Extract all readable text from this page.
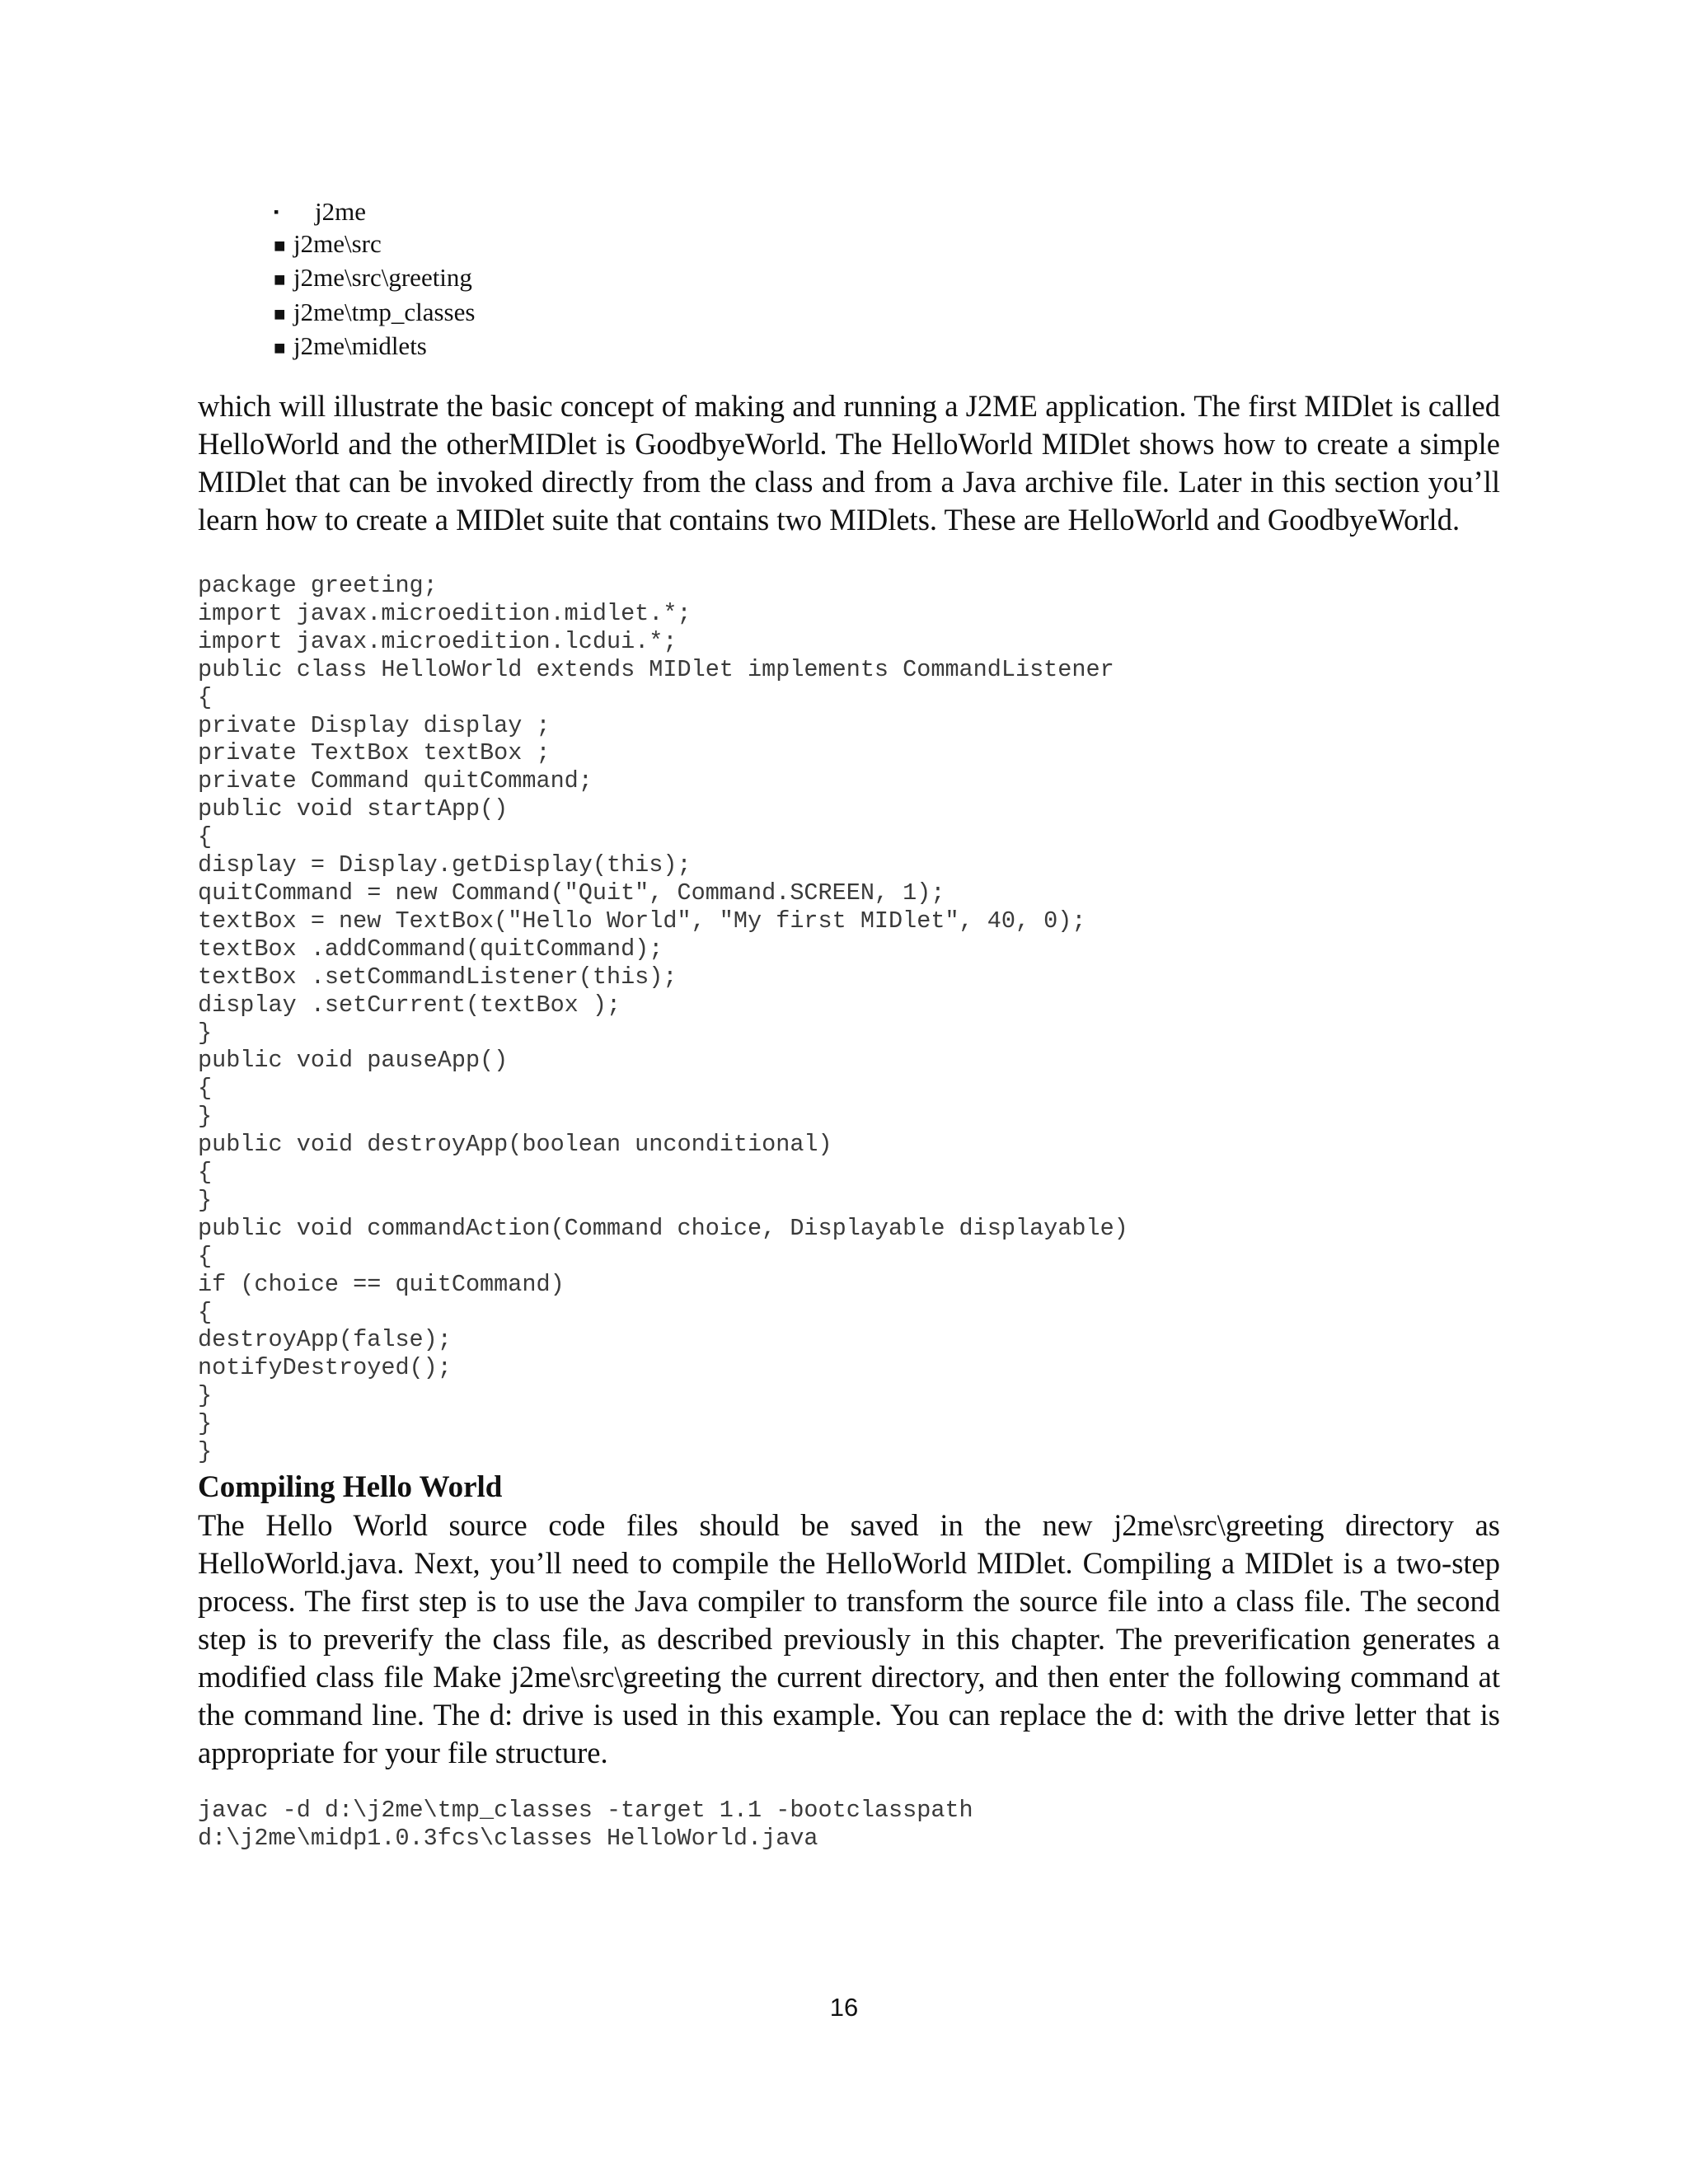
▪ j2me
■ j2me\src
■ j2me\src\greeting
■ j2me\tmp_classes
■ j2me\midlets

which will illustrate the basic concept of making and running a J2ME application. The first MIDlet is called HelloWorld and the otherMIDlet is GoodbyeWorld. The HelloWorld MIDlet shows how to create a simple MIDlet that can be invoked directly from the class and from a Java archive file. Later in this section you’ll learn how to create a MIDlet suite that contains two MIDlets. These are HelloWorld and GoodbyeWorld.

package greeting;
import javax.microedition.midlet.*;
import javax.microedition.lcdui.*;
public class HelloWorld extends MIDlet implements CommandListener
{
private Display display ;
private TextBox textBox ;
private Command quitCommand;
public void startApp()
{
display = Display.getDisplay(this);
quitCommand = new Command("Quit", Command.SCREEN, 1);
textBox = new TextBox("Hello World", "My first MIDlet", 40, 0);
textBox .addCommand(quitCommand);
textBox .setCommandListener(this);
display .setCurrent(textBox );
}
public void pauseApp()
{
}
public void destroyApp(boolean unconditional)
{
}
public void commandAction(Command choice, Displayable displayable)
{
if (choice == quitCommand)
{
destroyApp(false);
notifyDestroyed();
}
}
}
Compiling Hello World

The Hello World source code files should be saved in the new j2me\src\greeting directory as HelloWorld.java. Next, you’ll need to compile the HelloWorld MIDlet. Compiling a MIDlet is a two-step process. The first step is to use the Java compiler to transform the source file into a class file. The second step is to preverify the class file, as described previously in this chapter. The preverification generates a modified class file Make j2me\src\greeting the current directory, and then enter the following command at the command line. The d: drive is used in this example. You can replace the d: with the drive letter that is appropriate for your file structure.

javac -d d:\j2me\tmp_classes -target 1.1 -bootclasspath
d:\j2me\midp1.0.3fcs\classes HelloWorld.java
16
